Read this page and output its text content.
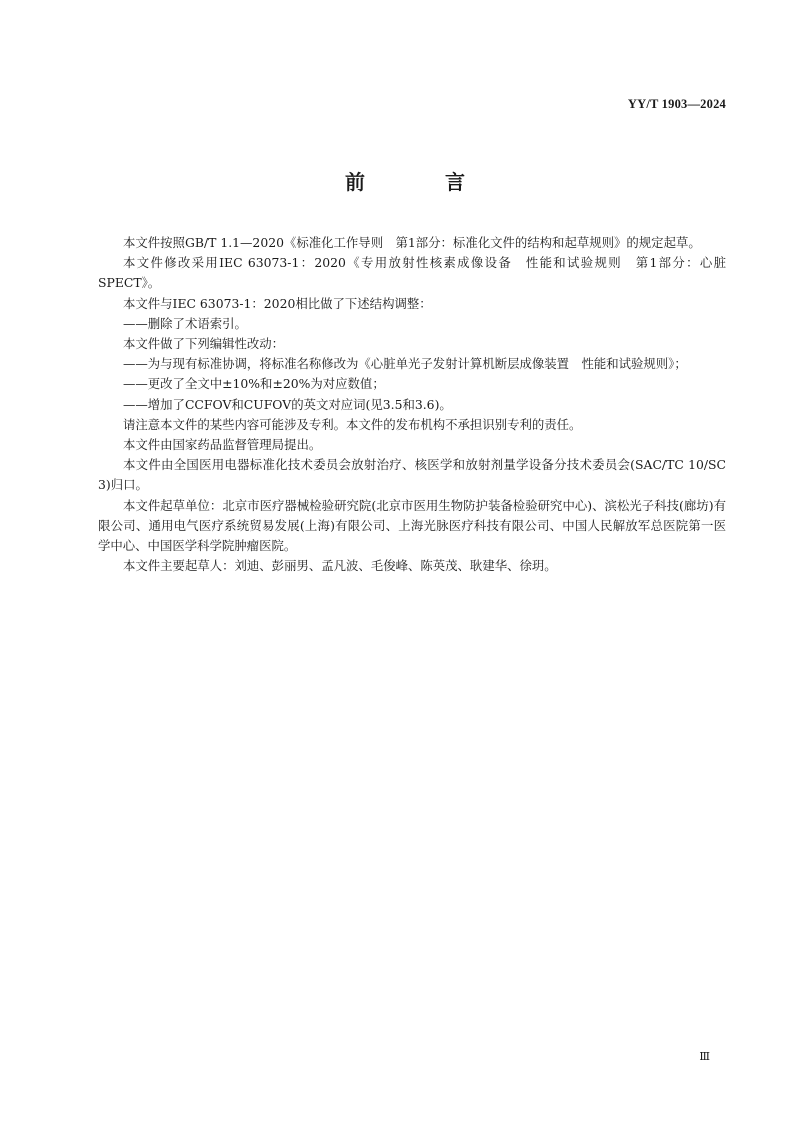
YY/T 1903—2024
前　言

本文件按照GB/T 1.1—2020《标准化工作导则　第1部分：标准化文件的结构和起草规则》的规定起草。

本文件修改采用IEC 63073-1：2020《专用放射性核素成像设备　性能和试验规则　第1部分：心脏SPECT》。

本文件与IEC 63073-1：2020相比做了下述结构调整：

——删除了术语索引。

本文件做了下列编辑性改动：

——为与现有标准协调，将标准名称修改为《心脏单光子发射计算机断层成像装置　性能和试验规则》；

——更改了全文中±10%和±20%为对应数值；

——增加了CCFOV和CUFOV的英文对应词(见3.5和3.6)。

请注意本文件的某些内容可能涉及专利。本文件的发布机构不承担识别专利的责任。

本文件由国家药品监督管理局提出。

本文件由全国医用电器标准化技术委员会放射治疗、核医学和放射剂量学设备分技术委员会(SAC/TC 10/SC 3)归口。

本文件起草单位：北京市医疗器械检验研究院(北京市医用生物防护装备检验研究中心)、滨松光子科技(廊坊)有限公司、通用电气医疗系统贸易发展(上海)有限公司、上海光脉医疗科技有限公司、中国人民解放军总医院第一医学中心、中国医学科学院肿瘤医院。

本文件主要起草人：刘迪、彭丽男、孟凡波、毛俊峰、陈英茂、耿建华、徐玥。

Ⅲ
